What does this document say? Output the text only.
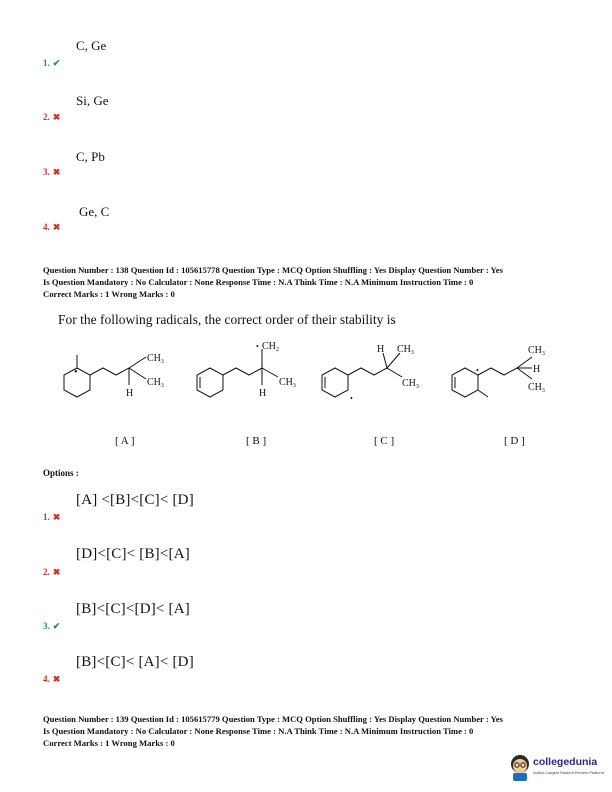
C, Ge
1. ✔
Si, Ge
2. ✖
C, Pb
3. ✖
Ge, C
4. ✖
Question Number : 138 Question Id : 105615778 Question Type : MCQ Option Shuffling : Yes Display Question Number : Yes
Is Question Mandatory : No Calculator : None Response Time : N.A Think Time : N.A Minimum Instruction Time : 0
Correct Marks : 1 Wrong Marks : 0
For the following radicals, the correct order of their stability is
•
$CH_3$
$CH_3$
H
• $CH_2$
$CH_3$
H
H $CH_3$
$CH_3$
•
$CH_3$
H
$CH_3$
•
[ A ]	[ B ]	[ C ]	[ D ]
Options :
[A] <[B]<[C]< [D]
1. ✖
[D]<[C]< [B]<[A]
2. ✖
[B]<[C]<[D]< [A]
3. ✔
[B]<[C]< [A]< [D]
4. ✖
Question Number : 139 Question Id : 105615779 Question Type : MCQ Option Shuffling : Yes Display Question Number : Yes
Is Question Mandatory : No Calculator : None Response Time : N.A Think Time : N.A Minimum Instruction Time : 0
Correct Marks : 1 Wrong Marks : 0
collegedunia
India's Largest Student Review Platform
